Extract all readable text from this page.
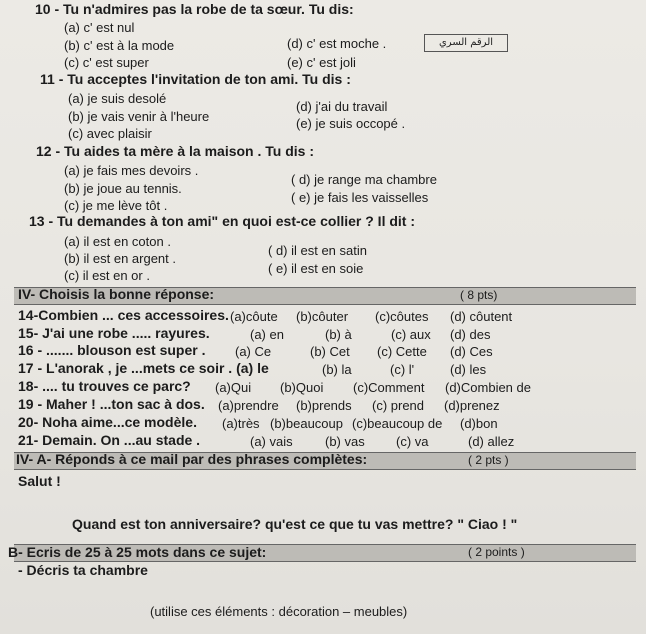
10 - Tu n'admires pas la robe de ta sœur. Tu dis:
(a) c' est nul
(b) c' est à la mode
(c) c' est super
(d) c' est moche .
(e) c' est joli
الرقم السري
11 - Tu acceptes l'invitation de ton ami. Tu dis :
(a) je suis desolé
(b) je vais venir à l'heure
(c) avec plaisir
(d) j'ai du travail
(e) je suis occopé .
12 - Tu aides ta mère à la maison . Tu dis :
(a) je fais mes devoirs .
(b) je joue au tennis.
(c) je me lève tôt .
( d) je range ma chambre
( e) je fais les vaisselles
13 - Tu demandes à ton ami" en quoi est-ce collier ? Il dit :
(a) il est en coton .
(b) il est en argent .
(c) il est en or .
( d) il est en satin
( e) il est en soie
IV- Choisis la bonne réponse:	( 8 pts)
14-Combien ... ces accessoires. (a)côute (b)côuter (c)côutes (d) côutent
15- J'ai une robe ..... rayures.	(a) en	(b) à	(c) aux (d) des
16 - ....... blouson est super . (a) Ce	(b) Cet (c) Cette (d) Ces
17 - L'anorak , je ...mets ce soir . (a) le	(b) la	(c) l'	(d) les
18- .... tu trouves ce parc? (a)Qui (b)Quoi (c)Comment (d)Combien de
19 - Maher ! ...ton sac à dos. (a)prendre (b)prends (c) prend (d)prenez
20- Noha aime...ce modèle. (a)très (b)beaucoup (c)beaucoup de (d)bon
21- Demain. On ...au stade .	(a) vais (b) vas (c) va	(d) allez
IV- A- Réponds à ce mail par des phrases complètes:	( 2 pts )
Salut !
Quand est ton anniversaire? qu'est ce que tu vas mettre? " Ciao ! "
B- Ecris de 25 à 25 mots dans ce sujet:	( 2 points )
- Décris ta chambre
(utilise ces éléments : décoration – meubles)
